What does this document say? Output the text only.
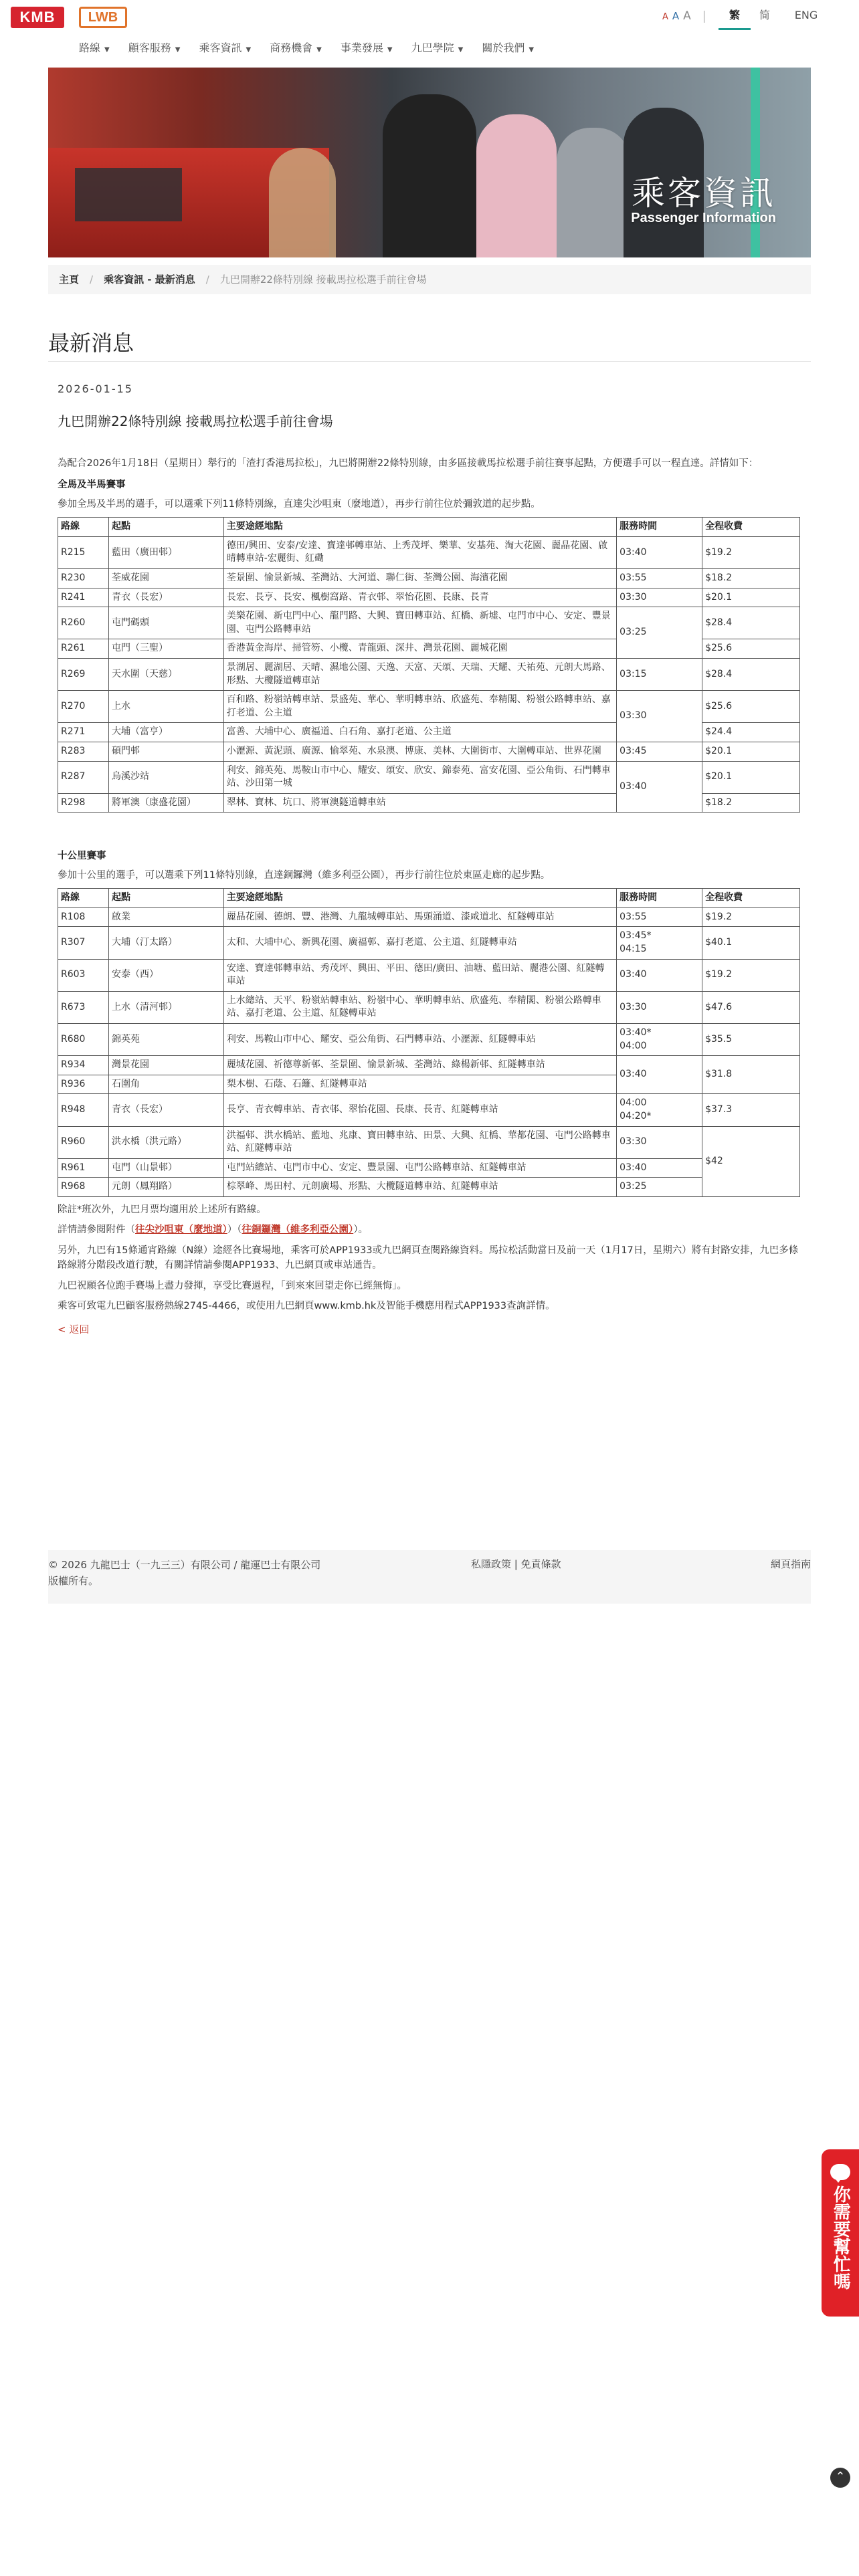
KMB	LWB	A A A	繁	简	ENG
路線 ▼	顧客服務 ▼	乘客資訊 ▼	商務機會 ▼	事業發展 ▼	九巴學院 ▼	關於我們 ▼
乘客資訊
Passenger Information
主頁 / 乘客資訊 - 最新消息 / 九巴開辦22條特別線 接載馬拉松選手前往會場
最新消息
2026-01-15
九巴開辦22條特別線 接載馬拉松選手前往會場

為配合2026年1月18日（星期日）舉行的「渣打香港馬拉松」，九巴將開辦22條特別線，由多區接載馬拉松選手前往賽事起點，方便選手可以一程直達。詳情如下：

全馬及半馬賽事

參加全馬及半馬的選手，可以選乘下列11條特別線，直達尖沙咀東（麼地道），再步行前往位於彌敦道的起步點。

路線	起點	主要途經地點	服務時間	全程收費
R215	藍田（廣田邨）	德田/興田、安泰/安達、寶達邨轉車站、上秀茂坪、樂華、安基苑、淘大花園、麗晶花園、啟晴轉車站-宏麗街、紅磡	03:40	$19.2
R230	荃威花園	荃景圍、愉景新城、荃灣站、大河道、聯仁街、荃灣公園、海濱花園	03:55	$18.2
R241	青衣（長宏）	長宏、長亨、長安、楓樹窩路、青衣邨、翠怡花園、長康、長青	03:30	$20.1
R260	屯門碼頭	美樂花園、新屯門中心、龍門路、大興、寶田轉車站、紅橋、新墟、屯門市中心、安定、豐景園、屯門公路轉車站	03:25	$28.4
R261	屯門（三聖）	香港黃金海岸、掃管笏、小欖、青龍頭、深井、灣景花園、麗城花園		$25.6
R269	天水圍（天慈）	景湖居、麗湖居、天晴、濕地公園、天逸、天富、天頌、天瑞、天耀、天祐苑、元朗大馬路、形點、大欖隧道轉車站	03:15	$28.4
R270	上水	百和路、粉嶺站轉車站、景盛苑、華心、華明轉車站、欣盛苑、奉精閣、粉嶺公路轉車站、嘉打老道、公主道	03:30	$25.6
R271	大埔（富亨）	富善、大埔中心、廣福道、白石角、嘉打老道、公主道		$24.4
R283	碩門邨	小瀝源、黃泥頭、廣源、愉翠苑、水泉澳、博康、美林、大圍街市、大圍轉車站、世界花園	03:45	$20.1
R287	烏溪沙站	利安、錦英苑、馬鞍山市中心、耀安、頌安、欣安、錦泰苑、富安花園、亞公角街、石門轉車站、沙田第一城	03:40	$20.1
R298	將軍澳（康盛花園）	翠林、寶林、坑口、將軍澳隧道轉車站		$18.2
十公里賽事

參加十公里的選手，可以選乘下列11條特別線，直達銅鑼灣（維多利亞公園），再步行前往位於東區走廊的起步點。

路線	起點	主要途經地點	服務時間	全程收費
R108	啟業	麗晶花園、德朗、豐、港灣、九龍城轉車站、馬頭涌道、漆咸道北、紅隧轉車站	03:55	$19.2
R307	大埔（汀太路）	太和、大埔中心、新興花園、廣福邨、嘉打老道、公主道、紅隧轉車站	03:45*
04:15	$40.1
R603	安泰（西）	安達、寶達邨轉車站、秀茂坪、興田、平田、德田/廣田、油塘、藍田站、麗港公園、紅隧轉車站	03:40	$19.2
R673	上水（清河邨）	上水總站、天平、粉嶺站轉車站、粉嶺中心、華明轉車站、欣盛苑、奉精閣、粉嶺公路轉車站、嘉打老道、公主道、紅隧轉車站	03:30	$47.6
R680	錦英苑	利安、馬鞍山市中心、耀安、亞公角街、石門轉車站、小瀝源、紅隧轉車站	03:40*
04:00	$35.5
R934	灣景花園	麗城花園、祈德尊新邨、荃景圍、愉景新城、荃灣站、綠楊新邨、紅隧轉車站	03:40	$31.8
R936	石圍角	梨木樹、石蔭、石籬、紅隧轉車站		
R948	青衣（長宏）	長亨、青衣轉車站、青衣邨、翠怡花園、長康、長青、紅隧轉車站	04:00
04:20*	$37.3
R960	洪水橋（洪元路）	洪福邨、洪水橋站、藍地、兆康、寶田轉車站、田景、大興、紅橋、華都花園、屯門公路轉車站、紅隧轉車站	03:30	$42
R961	屯門（山景邨）	屯門站總站、屯門市中心、安定、豐景園、屯門公路轉車站、紅隧轉車站	03:40	
R968	元朗（鳳翔路）	棕翠峰、馬田村、元朗廣場、形點、大欖隧道轉車站、紅隧轉車站	03:25	

除註*班次外，九巴月票均適用於上述所有路線。

詳情請參閱附件（往尖沙咀東（麼地道））（往銅鑼灣（維多利亞公園））。

另外，九巴有15條通宵路線（N線）途經各比賽場地，乘客可於APP1933或九巴網頁查閱路線資料。馬拉松活動當日及前一天（1月17日，星期六）將有封路安排，九巴多條路線將分階段改道行駛，有關詳情請參閱APP1933、九巴網頁或車站通告。

九巴祝願各位跑手賽場上盡力發揮，享受比賽過程，「到來來回望走你已經無悔」。

乘客可致電九巴顧客服務熱線2745-4466，或使用九巴網頁www.kmb.hk及智能手機應用程式APP1933查詢詳情。

< 返回
© 2026 九龍巴士（一九三三）有限公司 / 龍運巴士有限公司
版權所有。
私隱政策 | 免責條款	網頁指南
你需要幫忙嗎
⌃
